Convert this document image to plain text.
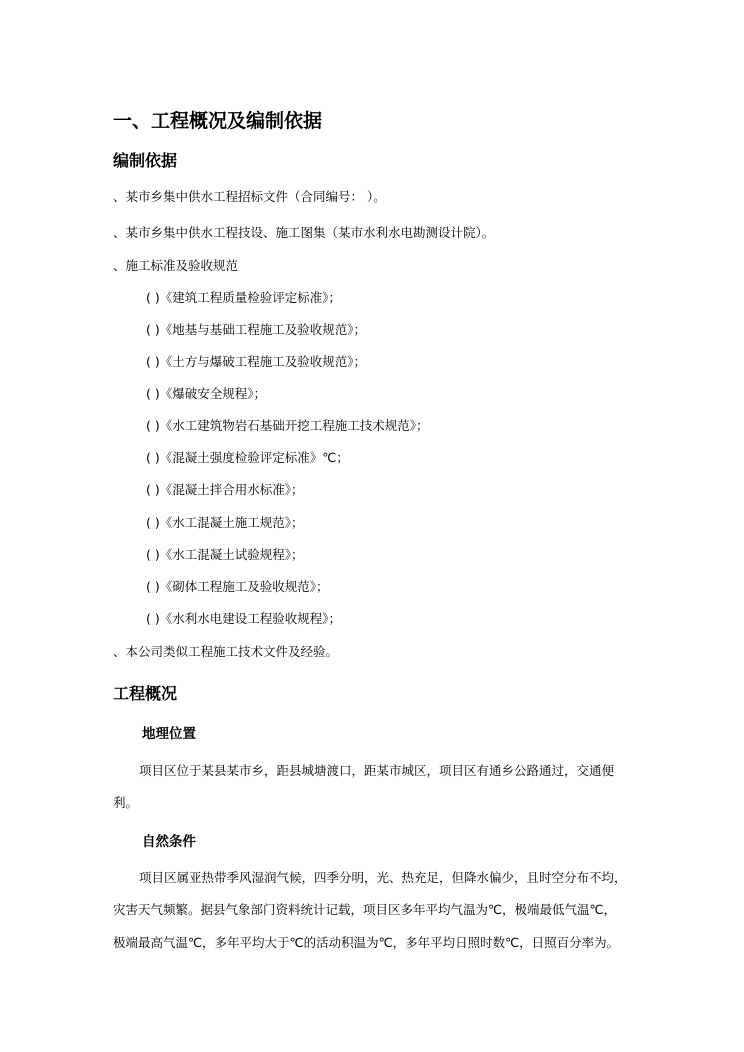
一、工程概况及编制依据
编制依据
、某市乡集中供水工程招标文件（合同编号： ）。
、某市乡集中供水工程技设、施工图集（某市水利水电勘测设计院）。
、施工标准及验收规范
( )《建筑工程质量检验评定标准》；
( )《地基与基础工程施工及验收规范》；
( )《土方与爆破工程施工及验收规范》；
( )《爆破安全规程》；
( )《水工建筑物岩石基础开挖工程施工技术规范》；
( )《混凝土强度检验评定标准》℃；
( )《混凝土拌合用水标准》；
( )《水工混凝土施工规范》；
( )《水工混凝土试验规程》；
( )《砌体工程施工及验收规范》；
( )《水利水电建设工程验收规程》；
、本公司类似工程施工技术文件及经验。
工程概况
地理位置
项目区位于某县某市乡，距县城塘渡口，距某市城区，项目区有通乡公路通过，交通便
利。
自然条件
项目区属亚热带季风湿润气候，四季分明，光、热充足，但降水偏少，且时空分布不均，
灾害天气频繁。据县气象部门资料统计记载，项目区多年平均气温为℃，极端最低气温℃，
极端最高气温℃，多年平均大于℃的活动积温为℃，多年平均日照时数℃，日照百分率为。
